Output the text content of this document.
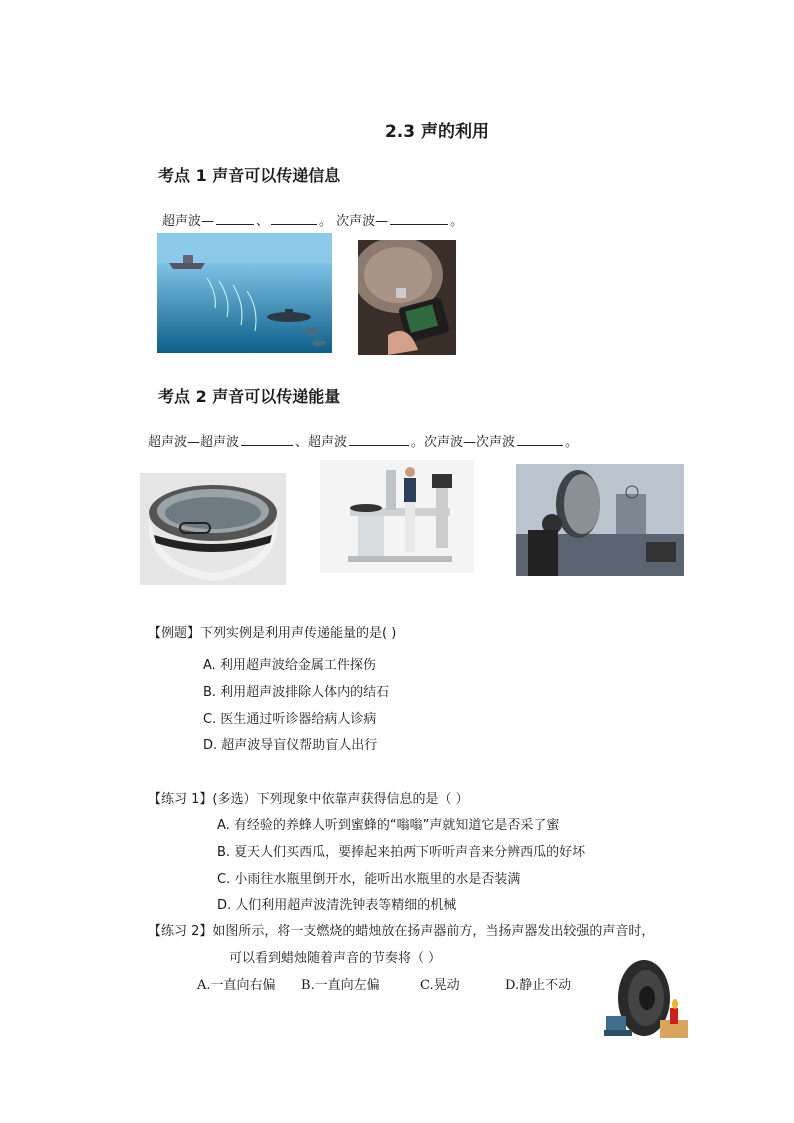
2.3 声的利用
考点 1 声音可以传递信息
超声波—	、	。 次声波—	。
考点 2 声音可以传递能量
超声波—超声波	、超声波	。次声波—次声波	。
【例题】下列实例是利用声传递能量的是( )
A. 利用超声波给金属工件探伤
B. 利用超声波排除人体内的结石
C. 医生通过听诊器给病人诊病
D. 超声波导盲仪帮助盲人出行
【练习 1】(多选）下列现象中依靠声获得信息的是（ ）
A. 有经验的养蜂人听到蜜蜂的“嗡嗡”声就知道它是否采了蜜
B. 夏天人们买西瓜，要捧起来拍两下听听声音来分辨西瓜的好坏
C. 小雨往水瓶里倒开水，能听出水瓶里的水是否装满
D. 人们利用超声波清洗钟表等精细的机械
【练习 2】如图所示，将一支燃烧的蜡烛放在扬声器前方，当扬声器发出较强的声音时，
可以看到蜡烛随着声音的节奏将（ ）
A.一直向右偏 B.一直向左偏	C.晃动	D.静止不动
